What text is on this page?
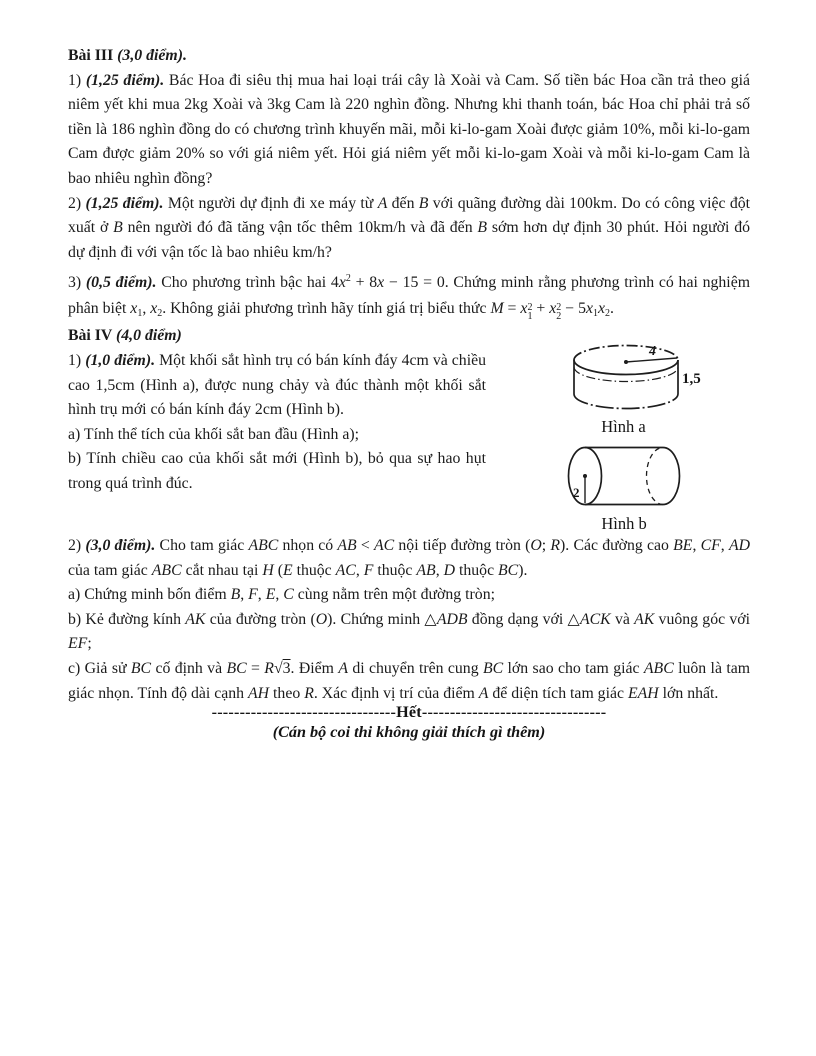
Bài III (3,0 điểm).

1) (1,25 điểm). Bác Hoa đi siêu thị mua hai loại trái cây là Xoài và Cam. Số tiền bác Hoa cần trả theo giá niêm yết khi mua 2kg Xoài và 3kg Cam là 220 nghìn đồng. Nhưng khi thanh toán, bác Hoa chỉ phải trả số tiền là 186 nghìn đồng do có chương trình khuyến mãi, mỗi ki-lo-gam Xoài được giảm 10%, mỗi ki-lo-gam Cam được giảm 20% so với giá niêm yết. Hỏi giá niêm yết mỗi ki-lo-gam Xoài và mỗi ki-lo-gam Cam là bao nhiêu nghìn đồng?

2) (1,25 điểm). Một người dự định đi xe máy từ A đến B với quãng đường dài 100km. Do có công việc đột xuất ở B nên người đó đã tăng vận tốc thêm 10km/h và đã đến B sớm hơn dự định 30 phút. Hỏi người đó dự định đi với vận tốc là bao nhiêu km/h?

3) (0,5 điểm). Cho phương trình bậc hai $4x^2 + 8x - 15 = 0$. Chứng minh rằng phương trình có hai nghiệm phân biệt x1, x2. Không giải phương trình hãy tính giá trị biểu thức M = x 2
1 + x 2
2 − 5x1x2.

Bài IV (4,0 điểm)

4
1,5
Hình a
2
Hình b

1) (1,0 điểm). Một khối sắt hình trụ có bán kính đáy 4cm và chiều cao 1,5cm (Hình a), được nung chảy và đúc thành một khối sắt hình trụ mới có bán kính đáy 2cm (Hình b).

a) Tính thể tích của khối sắt ban đầu (Hình a);

b) Tính chiều cao của khối sắt mới (Hình b), bỏ qua sự hao hụt trong quá trình đúc.

2) (3,0 điểm). Cho tam giác ABC nhọn có AB < AC nội tiếp đường tròn (O; R). Các đường cao BE, CF, AD của tam giác ABC cắt nhau tại H (E thuộc AC, F thuộc AB, D thuộc BC).

a) Chứng minh bốn điểm B, F, E, C cùng nằm trên một đường tròn;

b) Kẻ đường kính AK của đường tròn (O). Chứng minh △ADB đồng dạng với △ACK và AK vuông góc với EF;

c) Giả sử BC cố định và BC = R√3. Điểm A di chuyển trên cung BC lớn sao cho tam giác ABC luôn là tam giác nhọn. Tính độ dài cạnh AH theo R. Xác định vị trí của điểm A để diện tích tam giác EAH lớn nhất.

---------------------------------Hết---------------------------------

(Cán bộ coi thi không giải thích gì thêm)
